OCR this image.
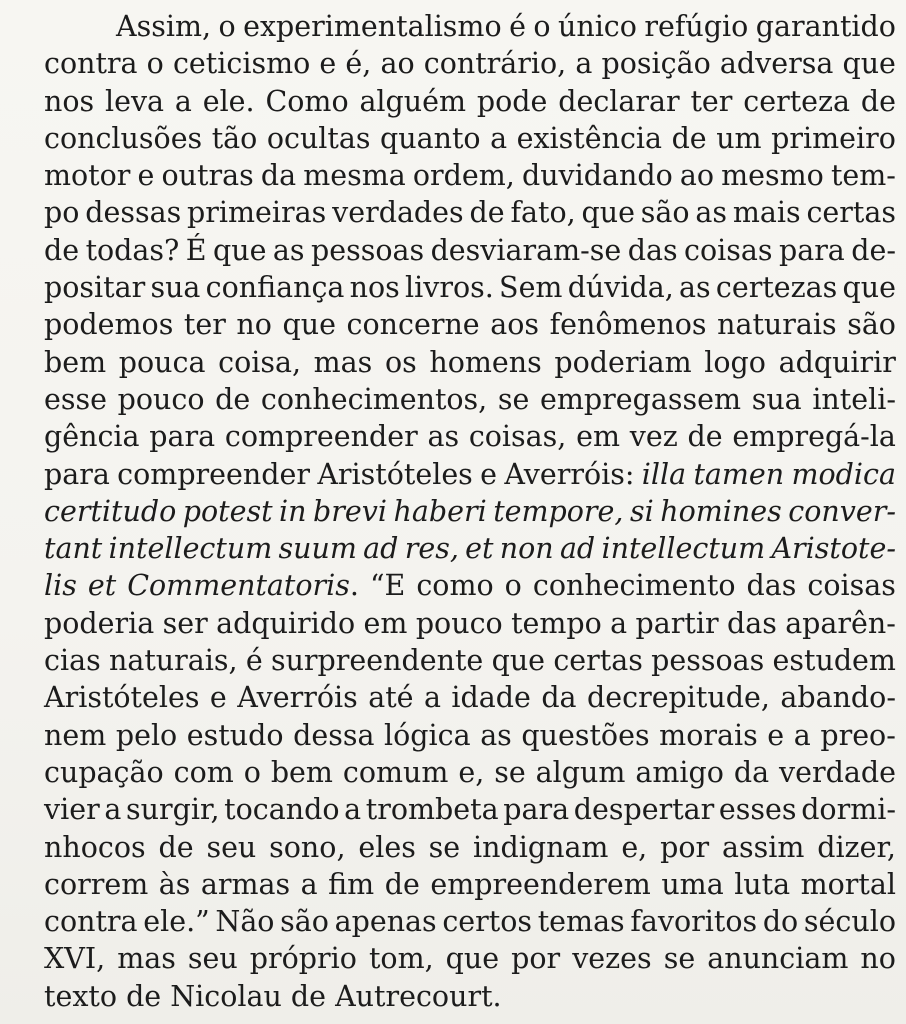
Assim, o experimentalismo é o único refúgio garantido
contra o ceticismo e é, ao contrário, a posição adversa que
nos leva a ele. Como alguém pode declarar ter certeza de
conclusões tão ocultas quanto a existência de um primeiro
motor e outras da mesma ordem, duvidando ao mesmo tem-
po dessas primeiras verdades de fato, que são as mais certas
de todas? É que as pessoas desviaram-se das coisas para de-
positar sua confiança nos livros. Sem dúvida, as certezas que
podemos ter no que concerne aos fenômenos naturais são
bem pouca coisa, mas os homens poderiam logo adquirir
esse pouco de conhecimentos, se empregassem sua inteli-
gência para compreender as coisas, em vez de empregá-la
para compreender Aristóteles e Averróis: illa tamen modica
certitudo potest in brevi haberi tempore, si homines conver-
tant intellectum suum ad res, et non ad intellectum Aristote-
lis et Commentatoris. “E como o conhecimento das coisas
poderia ser adquirido em pouco tempo a partir das aparên-
cias naturais, é surpreendente que certas pessoas estudem
Aristóteles e Averróis até a idade da decrepitude, abando-
nem pelo estudo dessa lógica as questões morais e a preo-
cupação com o bem comum e, se algum amigo da verdade
vier a surgir, tocando a trombeta para despertar esses dormi-
nhocos de seu sono, eles se indignam e, por assim dizer,
correm às armas a fim de empreenderem uma luta mortal
contra ele.” Não são apenas certos temas favoritos do século
XVI, mas seu próprio tom, que por vezes se anunciam no
texto de Nicolau de Autrecourt.
